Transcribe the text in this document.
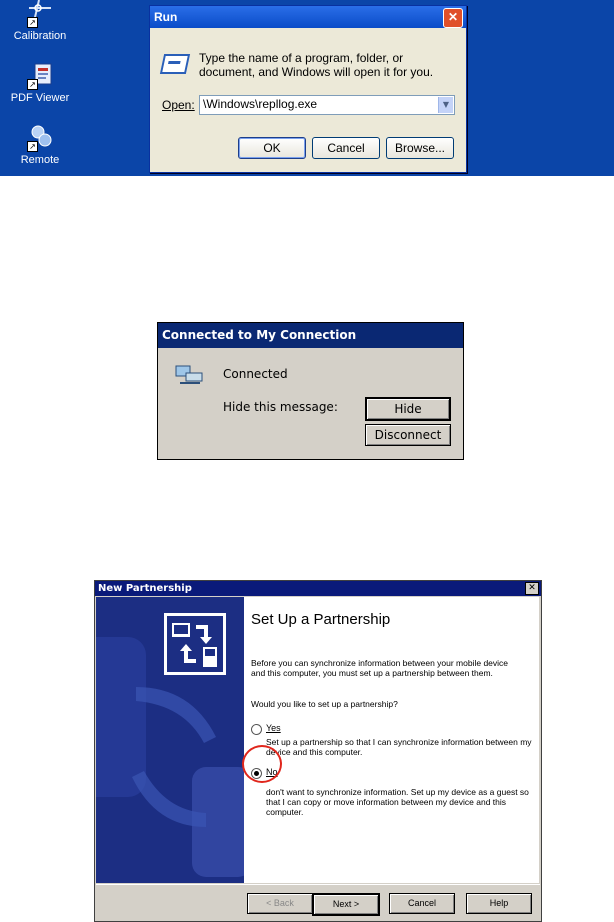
↗
Calibration
↗
PDF Viewer
↗
Remote
Run	✕
Type the name of a program, folder, or document, and Windows will open it for you.
Open: \Windows\repllog.exe	▼
OK	Cancel	Browse...
Connected to My Connection
Connected
Hide this message:	Hide
Disconnect
New Partnership	✕
Set Up a Partnership
Before you can synchronize information between your mobile device and this computer, you must set up a partnership between them.
Would you like to set up a partnership?
Yes
Set up a partnership so that I can synchronize information between my device and this computer.
No
don't want to synchronize information. Set up my device as a guest so that I can copy or move information between my device and this computer.
< Back	Next >	Cancel	Help
